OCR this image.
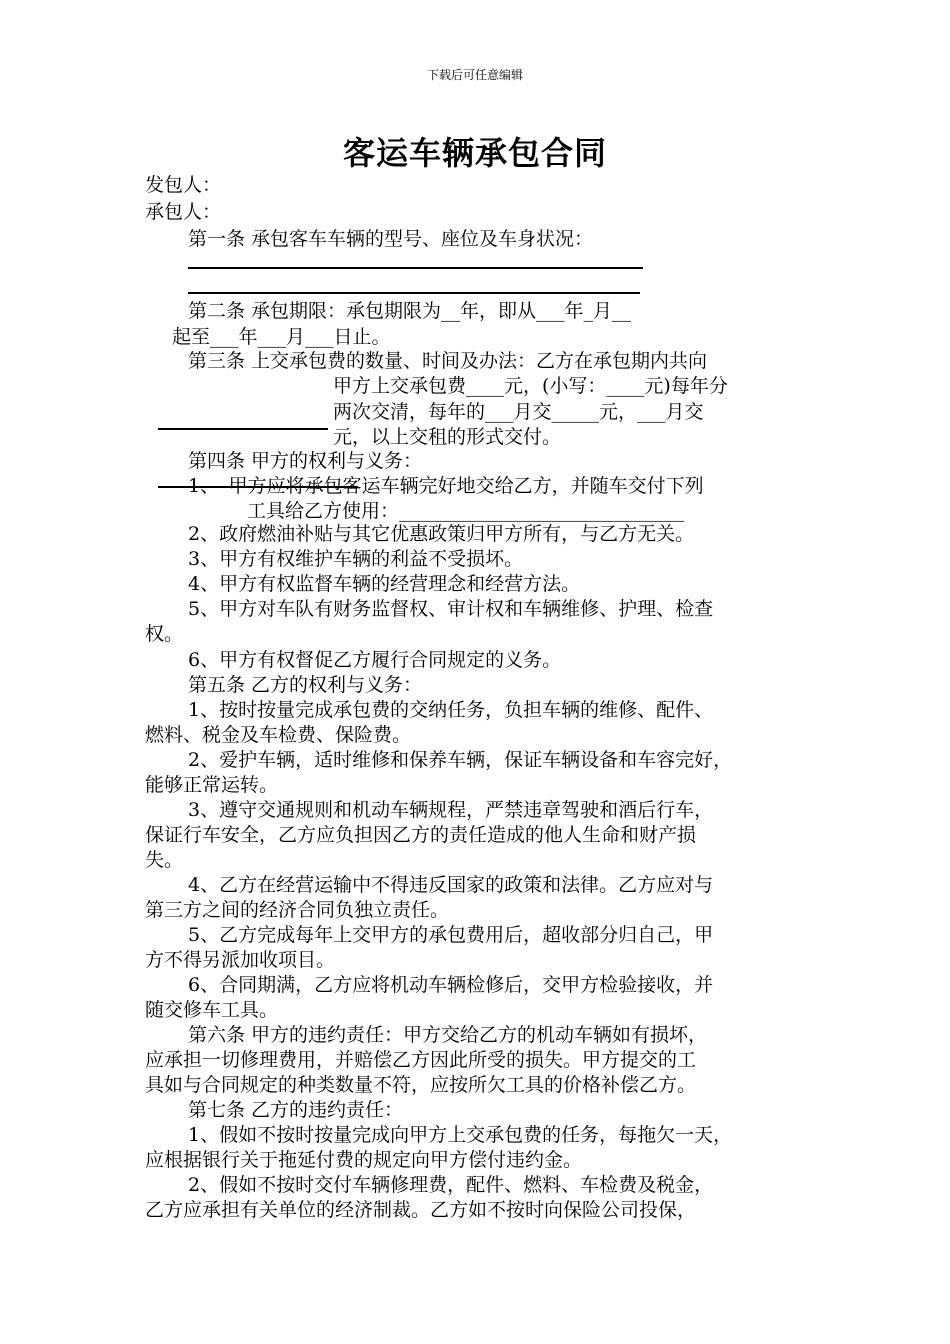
下载后可任意编辑
客运车辆承包合同
发包人：
承包人：
第一条 承包客车车辆的型号、座位及车身状况：
第二条 承包期限：承包期限为__年，即从___年_月__
起至___年___月___日止。
第三条 上交承包费的数量、时间及办法：乙方在承包期内共向
甲方上交承包费____元，(小写：____元)每年分
两次交清，每年的___月交_____元，___月交
元，以上交租的形式交付。
第四条 甲方的权利与义务：
1、　甲方应将承包客运车辆完好地交给乙方，并随车交付下列
工具给乙方使用：______________________________
2、政府燃油补贴与其它优惠政策归甲方所有，与乙方无关。
3、甲方有权维护车辆的利益不受损坏。
4、甲方有权监督车辆的经营理念和经营方法。
5、甲方对车队有财务监督权、审计权和车辆维修、护理、检查
权。
6、甲方有权督促乙方履行合同规定的义务。
第五条 乙方的权利与义务：
1、按时按量完成承包费的交纳任务，负担车辆的维修、配件、
燃料、税金及车检费、保险费。
2、爱护车辆，适时维修和保养车辆，保证车辆设备和车容完好，
能够正常运转。
3、遵守交通规则和机动车辆规程，严禁违章驾驶和酒后行车，
保证行车安全，乙方应负担因乙方的责任造成的他人生命和财产损
失。
4、乙方在经营运输中不得违反国家的政策和法律。乙方应对与
第三方之间的经济合同负独立责任。
5、乙方完成每年上交甲方的承包费用后，超收部分归自己，甲
方不得另派加收项目。
6、合同期满，乙方应将机动车辆检修后，交甲方检验接收，并
随交修车工具。
第六条 甲方的违约责任：甲方交给乙方的机动车辆如有损坏，
应承担一切修理费用，并赔偿乙方因此所受的损失。甲方提交的工
具如与合同规定的种类数量不符，应按所欠工具的价格补偿乙方。
第七条 乙方的违约责任：
1、假如不按时按量完成向甲方上交承包费的任务，每拖欠一天，
应根据银行关于拖延付费的规定向甲方偿付违约金。
2、假如不按时交付车辆修理费，配件、燃料、车检费及税金，
乙方应承担有关单位的经济制裁。乙方如不按时向保险公司投保，
